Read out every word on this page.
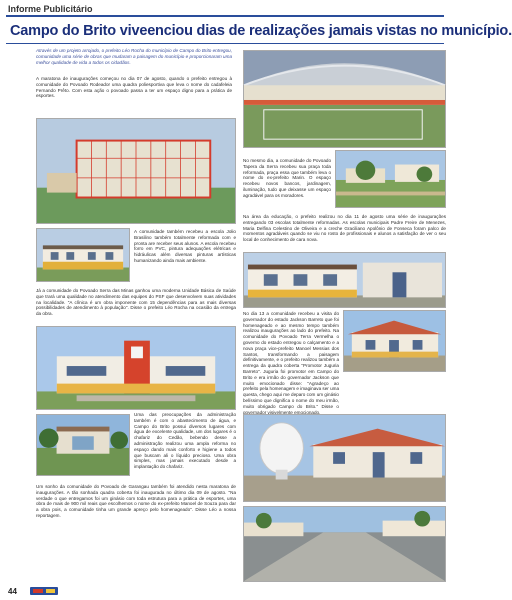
Informe Publicitário
Campo do Brito viveenciou dias de realizações jamais vistas no município.
Através de um projeto arrojado, o prefeito Léo Rocha do município de Campo do Brito entregou, comunidade uma série de obras que mudaram a paisagem do município e proporcionaram uma melhor qualidade de vida a todos os cidadãos.
A maratona de inaugurações começou no dia 07 de agosto, quando o prefeito entregou à comunidade do Povoado Rodeador uma quadra poliesportiva que leva o nome do cadafeleia Fernando Prêto. Com esta ação o povoado passa a ter um espaço digno para a prática de esportes.
No mesmo dia, a comunidade do Povoado Tapera da Serra recebeu sua praça toda reformada, praça essa que também leva o nome do ex-prefeito Marin. O espaço recebeu novos bancos, jardinagem, iluminação, tudo que deixasse um espaço agradável para os moradores.
Na área da educação, o prefeito realizou no dia 11 de agosto uma série de inaugurações entregando 03 escolas totalmente reformadas. As escolas municipais Padre Freire de Menezes, Maria Delfina Celestino de Oliveira e a creche Graciliano Apolônio de Fonseca foram palco de momentos agradáveis quando se viu no rosto de profissionais e alunos a satisfação de ver o seu local de conhecimento de cara nova.
A comunidade também recebeu a escola Jolio Brasilino também totalmente reformada com e pronta are receber seus alunos. A escola recebeu forro em PVC, pintura adequações elétricas e hidráulicas além diversas pinturas artísticas humanizando ainda mais ambiente.
Já a comunidade do Povoado Serra das Minas ganhou uma moderna Unidade Básica de Saúde que trará uma qualidade no atendimento das equipes do PSF que desenvolvem suas atividades na localidade. "A clínica é um obra imponente com 15 dependências para as mais diversas possibilidades de atendimento à população". Disse o prefeito Léo Rocha na ocasião da entrega da obra.	No dia 13 a comunidade recebeu a visita do governador do estado Jackson Barreto que foi homenageado e ao mesmo tempo também realizou inaugurações ao lado do prefeito. Na comunidade do Povoado Terra Vermelha o governo do estado entregou o calçamento e a nova praça vice-prefeito Manoel Messias dos Santos, transformando a paisagem definitivamente, e o prefeito realizou também a entrega da quadra coberta "Promotor Juguria Barreto". Juguria foi promotor em Campo do Brito e era irmão do governador Jackson que muito emocionado disse: "Agradeço ao prefeito pela homenagem e imaginava ser uma questa, chego aqui me deparo com um ginásio belíssimo que dignifica o nome do meu irmão, muito obrigado Campo do Brito." Disse o governador visivelmente emocionado.
Uma das preocupações da administração também é com o abastecimento de água, e Campo do Brito possui diversos lugares com água de excelente qualidade, um dos lugares é o chafariz do Cedão, bebendo desse a administração realizou uma ampla reforma no espaço dando mais conforto e higiene a todos que buscam ali o líquido precioso. Uma obra simples, mas jamais executado desde a implantação do chafariz.
Um sonho da comunidade do Povoado de Garangau também foi atendido nesta maratona de inaugurações. A tão sonhada quadra coberta foi inaugurada no último dia 09 de agosto. "Na verdade o que entregamos foi um ginásio com toda estrutura para a prática de esportes, uma obra de mais de 900 mil reais que escolhemos o nome do ex-prefeito Manoel de Souza para dar a obra pois, a comunidade tinha um grande apreço pelo homenageado". Disse Léo a nossa reportagem.
44
